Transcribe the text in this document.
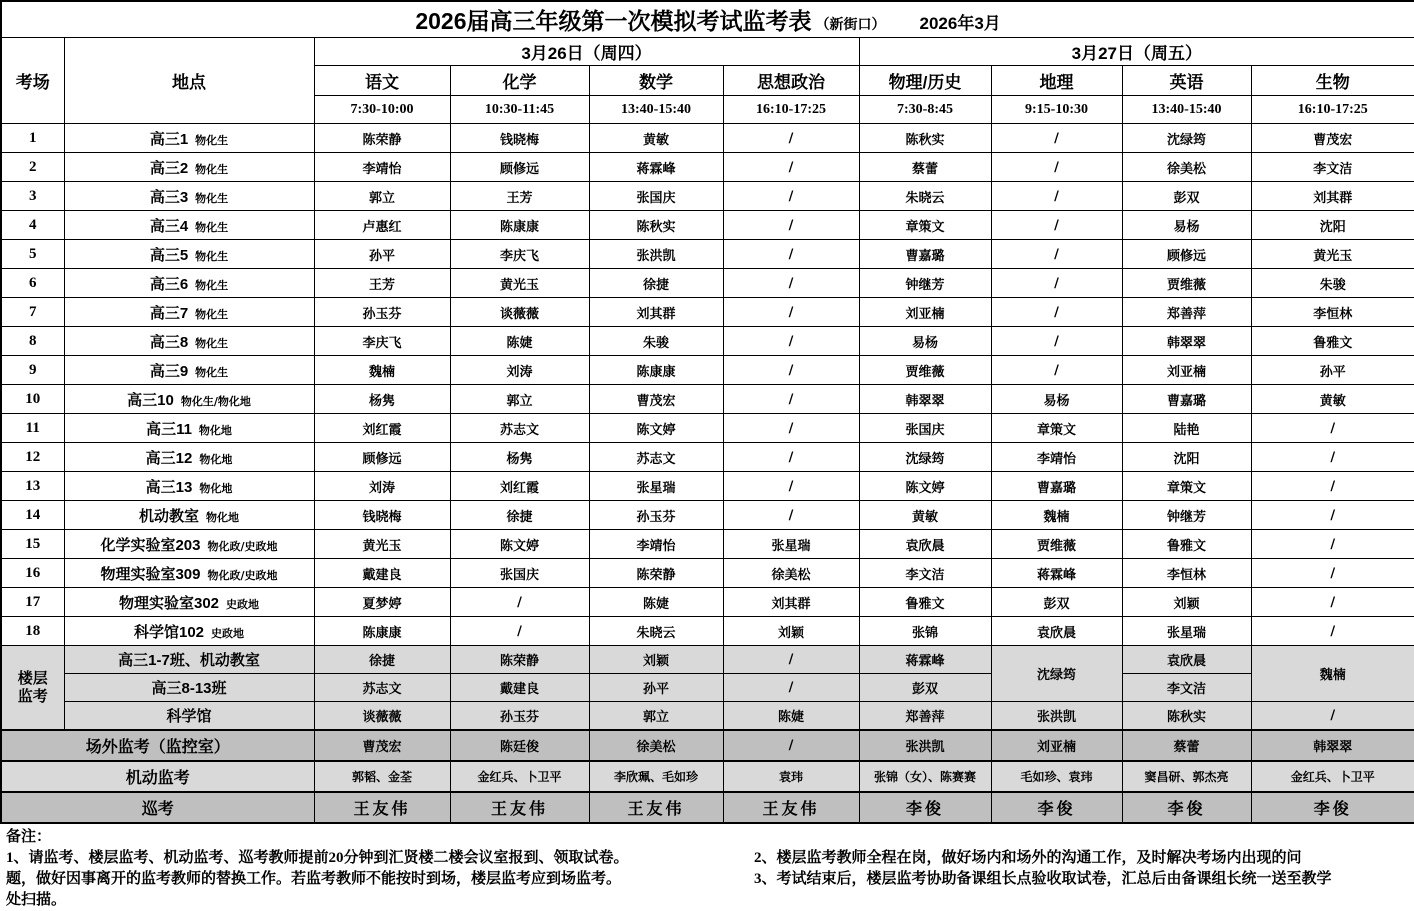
2026届高三年级第一次模拟考试监考表 （新街口） 2026年3月									
考场	地点	3月26日（周四）				3月27日（周五）			
		语文	化学	数学	思想政治	物理/历史	地理	英语	生物
		7:30-10:00	10:30-11:45	13:40-15:40	16:10-17:25	7:30-8:45	9:15-10:30	13:40-15:40	16:10-17:25
1	高三1 物化生	陈荣静	钱晓梅	黄敏	/	陈秋实	/	沈绿筠	曹茂宏
2	高三2 物化生	李靖怡	顾修远	蒋霖峰	/	蔡蕾	/	徐美松	李文洁
3	高三3 物化生	郭立	王芳	张国庆	/	朱晓云	/	彭双	刘其群
4	高三4 物化生	卢惠红	陈康康	陈秋实	/	章策文	/	易杨	沈阳
5	高三5 物化生	孙平	李庆飞	张洪凯	/	曹嘉璐	/	顾修远	黄光玉
6	高三6 物化生	王芳	黄光玉	徐捷	/	钟继芳	/	贾维薇	朱骏
7	高三7 物化生	孙玉芬	谈薇薇	刘其群	/	刘亚楠	/	郑善萍	李恒林
8	高三8 物化生	李庆飞	陈婕	朱骏	/	易杨	/	韩翠翠	鲁雅文
9	高三9 物化生	魏楠	刘涛	陈康康	/	贾维薇	/	刘亚楠	孙平
10	高三10 物化生/物化地	杨隽	郭立	曹茂宏	/	韩翠翠	易杨	曹嘉璐	黄敏
11	高三11 物化地	刘红霞	苏志文	陈文婷	/	张国庆	章策文	陆艳	/
12	高三12 物化地	顾修远	杨隽	苏志文	/	沈绿筠	李靖怡	沈阳	/
13	高三13 物化地	刘涛	刘红霞	张星瑞	/	陈文婷	曹嘉璐	章策文	/
14	机动教室 物化地	钱晓梅	徐捷	孙玉芬	/	黄敏	魏楠	钟继芳	/
15	化学实验室203 物化政/史政地	黄光玉	陈文婷	李靖怡	张星瑞	袁欣晨	贾维薇	鲁雅文	/
16	物理实验室309 物化政/史政地	戴建良	张国庆	陈荣静	徐美松	李文洁	蒋霖峰	李恒林	/
17	物理实验室302 史政地	夏梦婷	/	陈婕	刘其群	鲁雅文	彭双	刘颖	/
18	科学馆102 史政地	陈康康	/	朱晓云	刘颖	张锦	袁欣晨	张星瑞	/
楼层监考	高三1-7班、机动教室	徐捷	陈荣静	刘颖	/	蒋霖峰	沈绿筠	袁欣晨	魏楠
	高三8-13班	苏志文	戴建良	孙平	/	彭双		李文洁	
	科学馆	谈薇薇	孙玉芬	郭立	陈婕	郑善萍	张洪凯	陈秋实	/
场外监考（监控室）		曹茂宏	陈廷俊	徐美松	/	张洪凯	刘亚楠	蔡蕾	韩翠翠
机动监考		郭韬、金荃	金红兵、卜卫平	李欣珮、毛如珍	袁玮	张锦（女）、陈赛赛	毛如珍、袁玮	窦昌研、郭杰亮	金红兵、卜卫平
巡考		王友伟	王友伟	王友伟	王友伟	李俊	李俊	李俊	李俊
备注：
1、请监考、楼层监考、机动监考、巡考教师提前20分钟到汇贤楼二楼会议室报到、领取试卷。	2、楼层监考教师全程在岗，做好场内和场外的沟通工作，及时解决考场内出现的问
题，做好因事离开的监考教师的替换工作。若监考教师不能按时到场，楼层监考应到场监考。	3、考试结束后，楼层监考协助备课组长点验收取试卷，汇总后由备课组长统一送至教学
处扫描。
